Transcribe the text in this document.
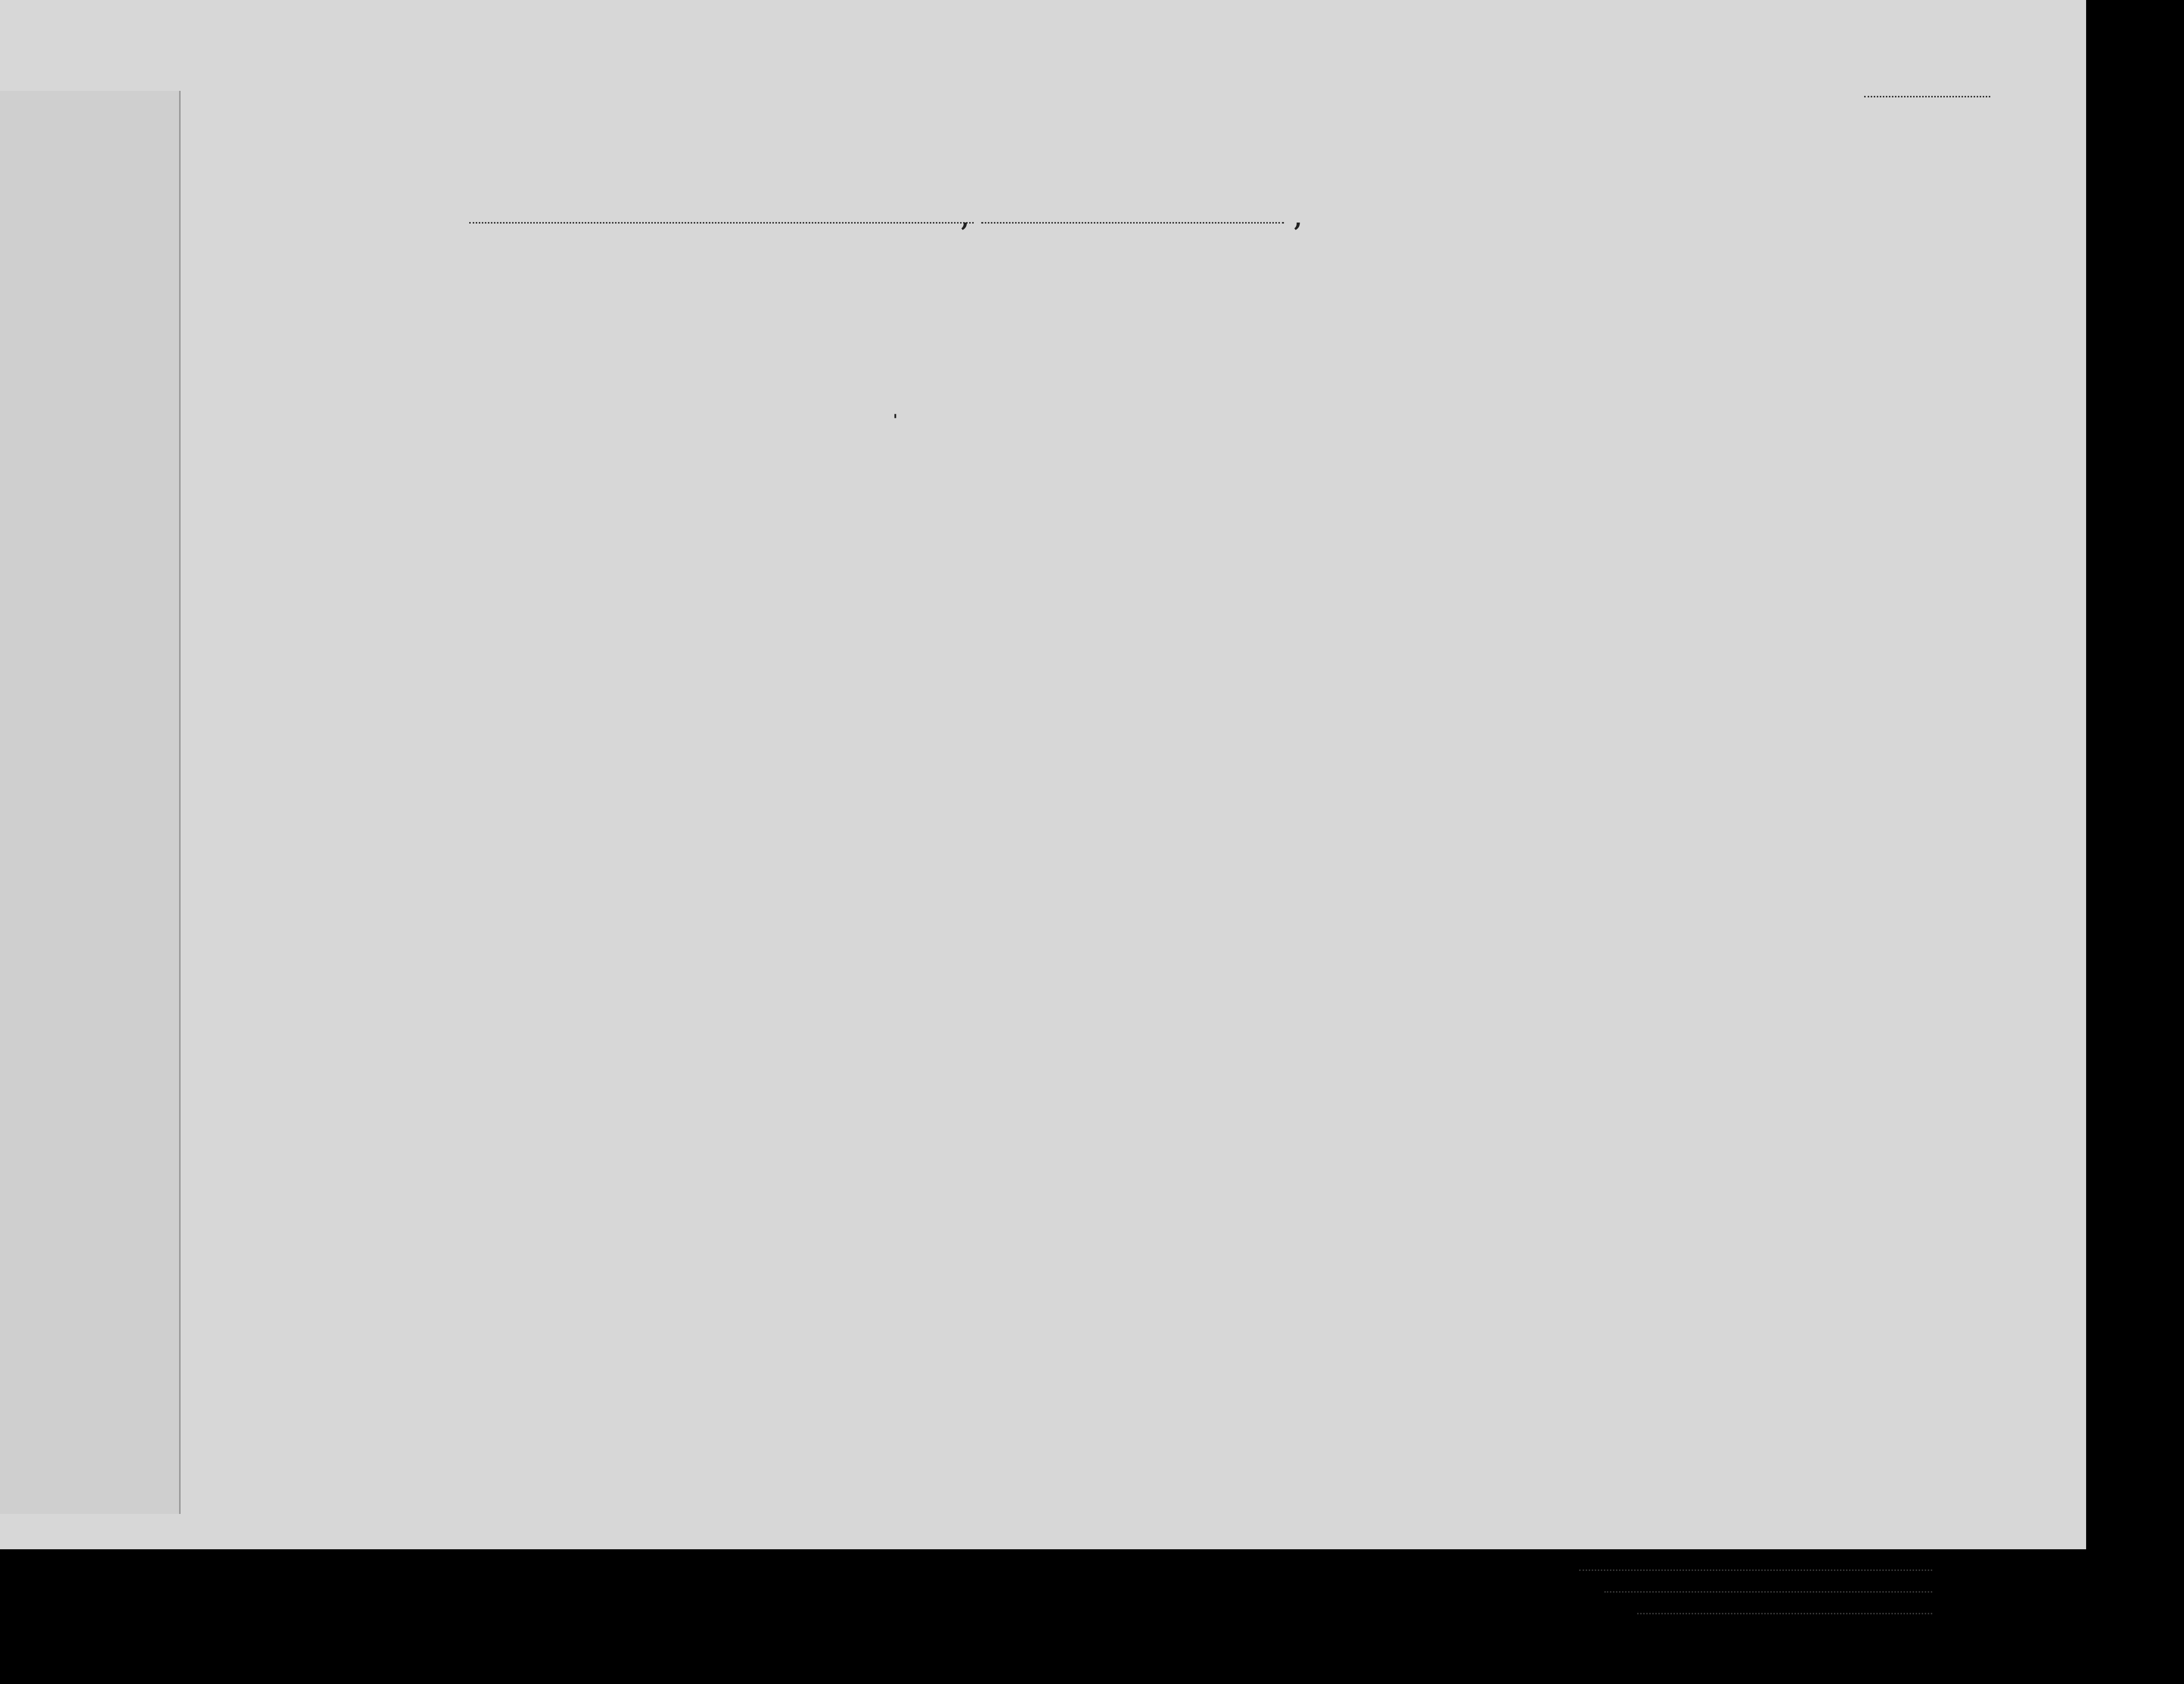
,	,
'
